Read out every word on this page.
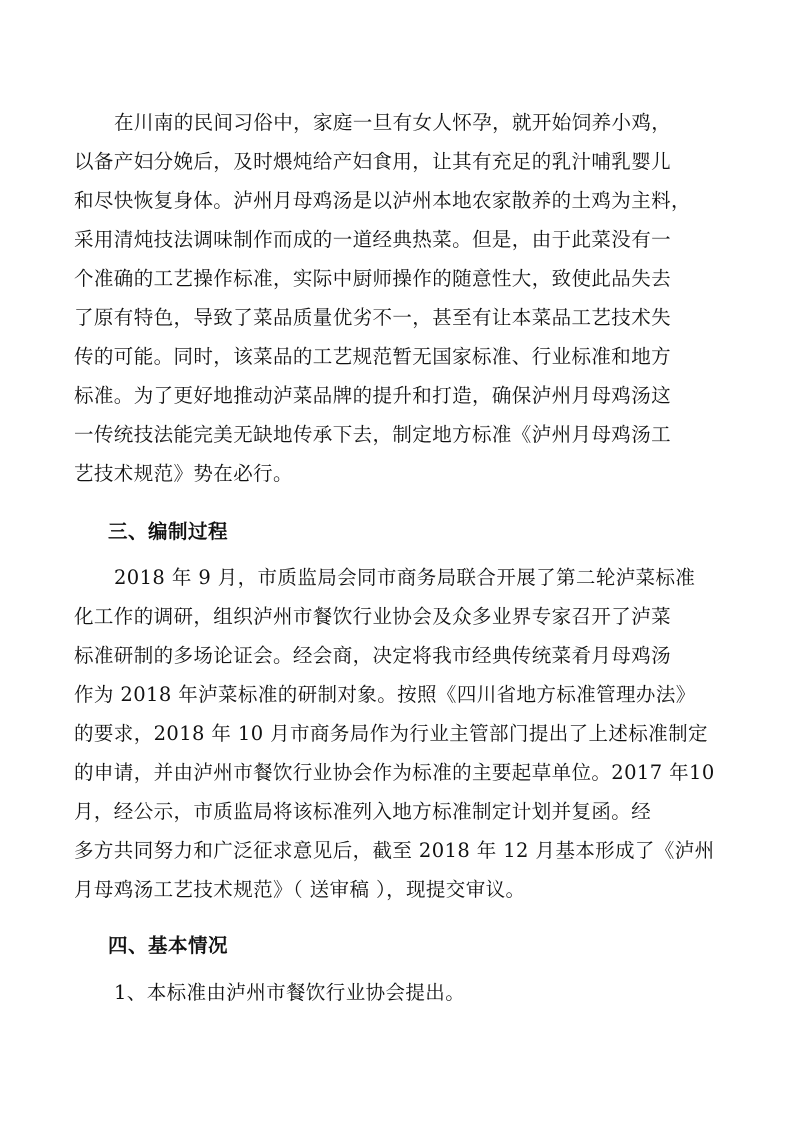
在川南的民间习俗中，家庭一旦有女人怀孕，就开始饲养小鸡，
以备产妇分娩后，及时煨炖给产妇食用，让其有充足的乳汁哺乳婴儿
和尽快恢复身体。泸州月母鸡汤是以泸州本地农家散养的土鸡为主料，
采用清炖技法调味制作而成的一道经典热菜。但是，由于此菜没有一
个准确的工艺操作标准，实际中厨师操作的随意性大，致使此品失去
了原有特色，导致了菜品质量优劣不一，甚至有让本菜品工艺技术失
传的可能。同时，该菜品的工艺规范暂无国家标准、行业标准和地方
标准。为了更好地推动泸菜品牌的提升和打造，确保泸州月母鸡汤这
一传统技法能完美无缺地传承下去，制定地方标准《泸州月母鸡汤工
艺技术规范》势在必行。
三、编制过程
2018 年 9 月，市质监局会同市商务局联合开展了第二轮泸菜标准
化工作的调研，组织泸州市餐饮行业协会及众多业界专家召开了泸菜
标准研制的多场论证会。经会商，决定将我市经典传统菜肴月母鸡汤
作为 2018 年泸菜标准的研制对象。按照《四川省地方标准管理办法》
的要求，2018 年 10 月市商务局作为行业主管部门提出了上述标准制定
的申请，并由泸州市餐饮行业协会作为标准的主要起草单位。2017 年10
月，经公示，市质监局将该标准列入地方标准制定计划并复函。经
多方共同努力和广泛征求意见后，截至 2018 年 12 月基本形成了《泸州
月母鸡汤工艺技术规范》（ 送审稿 ），现提交审议。
四、基本情况
1、本标准由泸州市餐饮行业协会提出。
